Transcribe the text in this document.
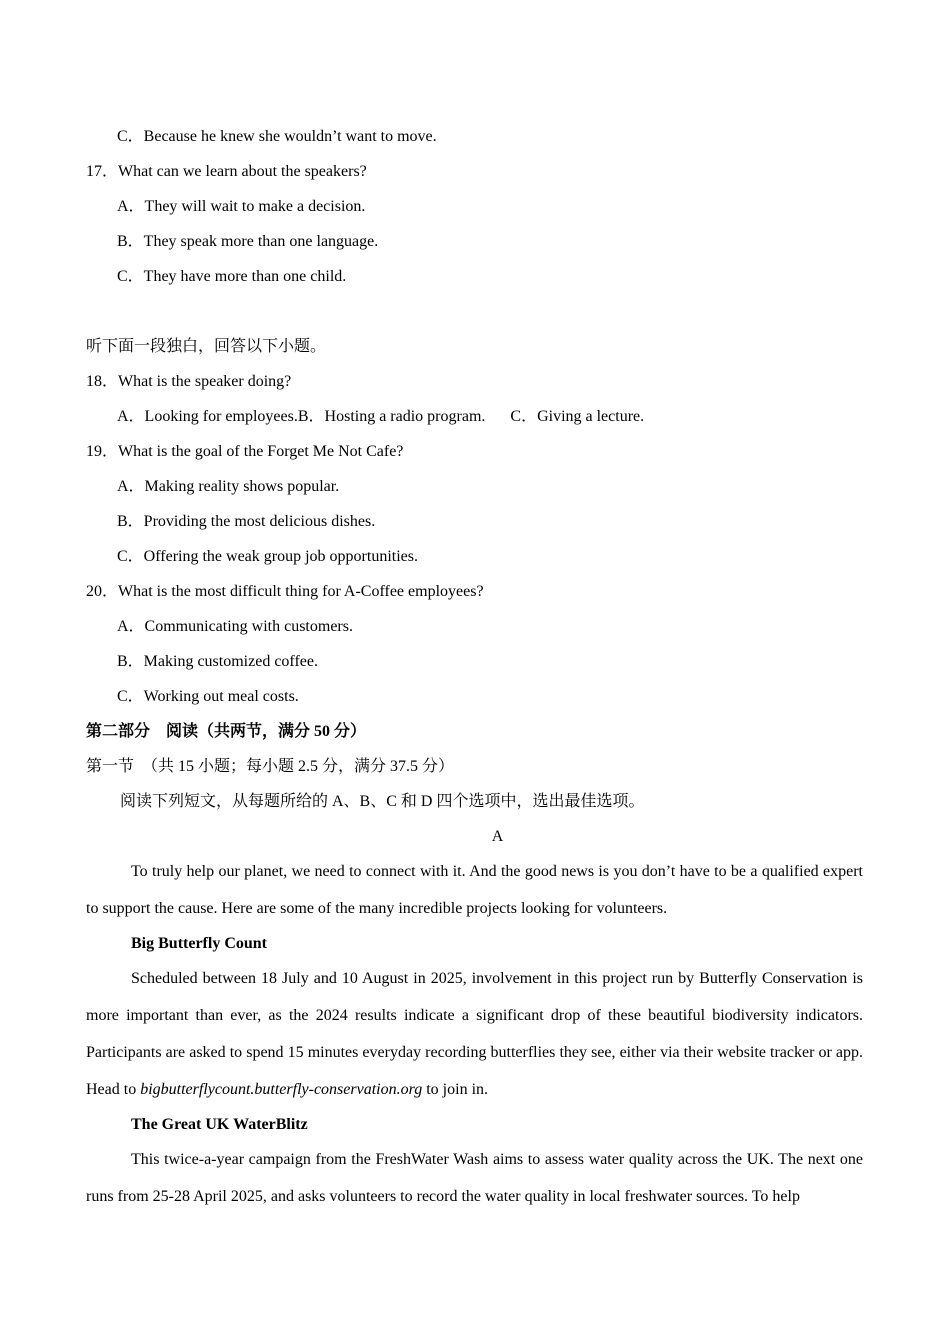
C．Because he knew she wouldn’t want to move.
17．What can we learn about the speakers?
A．They will wait to make a decision.
B．They speak more than one language.
C．They have more than one child.
听下面一段独白，回答以下小题。
18．What is the speaker doing?
A．Looking for employees.B．Hosting a radio program. C．Giving a lecture.
19．What is the goal of the Forget Me Not Cafe?
A．Making reality shows popular.
B．Providing the most delicious dishes.
C．Offering the weak group job opportunities.
20．What is the most difficult thing for A-Coffee employees?
A．Communicating with customers.
B．Making customized coffee.
C．Working out meal costs.
第二部分　阅读（共两节，满分 50 分）
第一节　（共 15 小题；每小题 2.5 分，满分 37.5 分）
阅读下列短文，从每题所给的 A、B、C 和 D 四个选项中，选出最佳选项。
A
To truly help our planet, we need to connect with it. And the good news is you don’t have to be a qualified expert to support the cause. Here are some of the many incredible projects looking for volunteers.
Big Butterfly Count
Scheduled between 18 July and 10 August in 2025, involvement in this project run by Butterfly Conservation is more important than ever, as the 2024 results indicate a significant drop of these beautiful biodiversity indicators. Participants are asked to spend 15 minutes everyday recording butterflies they see, either via their website tracker or app. Head to bigbutterflycount.butterfly-conservation.org to join in.
The Great UK WaterBlitz
This twice-a-year campaign from the FreshWater Wash aims to assess water quality across the UK. The next one runs from 25-28 April 2025, and asks volunteers to record the water quality in local freshwater sources. To help
